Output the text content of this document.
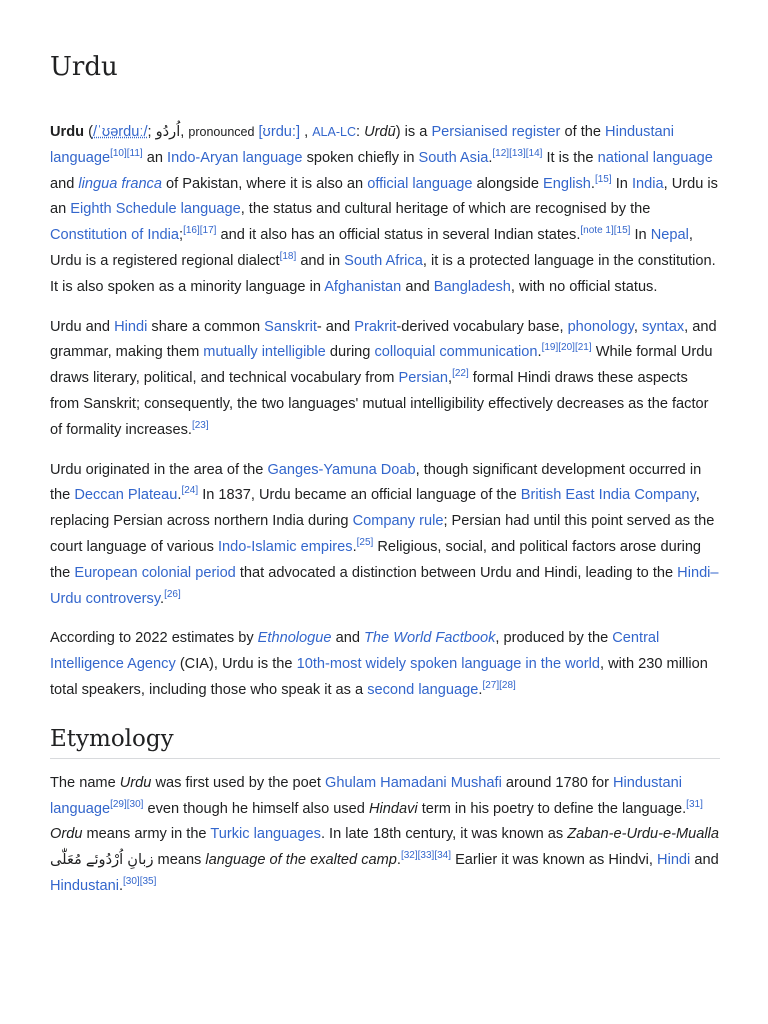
Urdu

Urdu (/ˈʊərduː/; اُردُو, pronounced [ʊrdu:] , ALA-LC: Urdū) is a Persianised register of the Hindustani language[10][11] an Indo-Aryan language spoken chiefly in South Asia.[12][13][14] It is the national language and lingua franca of Pakistan, where it is also an official language alongside English.[15] In India, Urdu is an Eighth Schedule language, the status and cultural heritage of which are recognised by the Constitution of India;[16][17] and it also has an official status in several Indian states.[note 1][15] In Nepal, Urdu is a registered regional dialect[18] and in South Africa, it is a protected language in the constitution. It is also spoken as a minority language in Afghanistan and Bangladesh, with no official status.

Urdu and Hindi share a common Sanskrit- and Prakrit-derived vocabulary base, phonology, syntax, and grammar, making them mutually intelligible during colloquial communication.[19][20][21] While formal Urdu draws literary, political, and technical vocabulary from Persian,[22] formal Hindi draws these aspects from Sanskrit; consequently, the two languages' mutual intelligibility effectively decreases as the factor of formality increases.[23]

Urdu originated in the area of the Ganges-Yamuna Doab, though significant development occurred in the Deccan Plateau.[24] In 1837, Urdu became an official language of the British East India Company, replacing Persian across northern India during Company rule; Persian had until this point served as the court language of various Indo-Islamic empires.[25] Religious, social, and political factors arose during the European colonial period that advocated a distinction between Urdu and Hindi, leading to the Hindi–Urdu controversy.[26]

According to 2022 estimates by Ethnologue and The World Factbook, produced by the Central Intelligence Agency (CIA), Urdu is the 10th-most widely spoken language in the world, with 230 million total speakers, including those who speak it as a second language.[27][28]

Etymology

The name Urdu was first used by the poet Ghulam Hamadani Mushafi around 1780 for Hindustani language[29][30] even though he himself also used Hindavi term in his poetry to define the language.[31] Ordu means army in the Turkic languages. In late 18th century, it was known as Zaban-e-Urdu-e-Mualla زبانِ اُرْدُوئے مُعَلّٰی means language of the exalted camp.[32][33][34] Earlier it was known as Hindvi, Hindi and Hindustani.[30][35]
